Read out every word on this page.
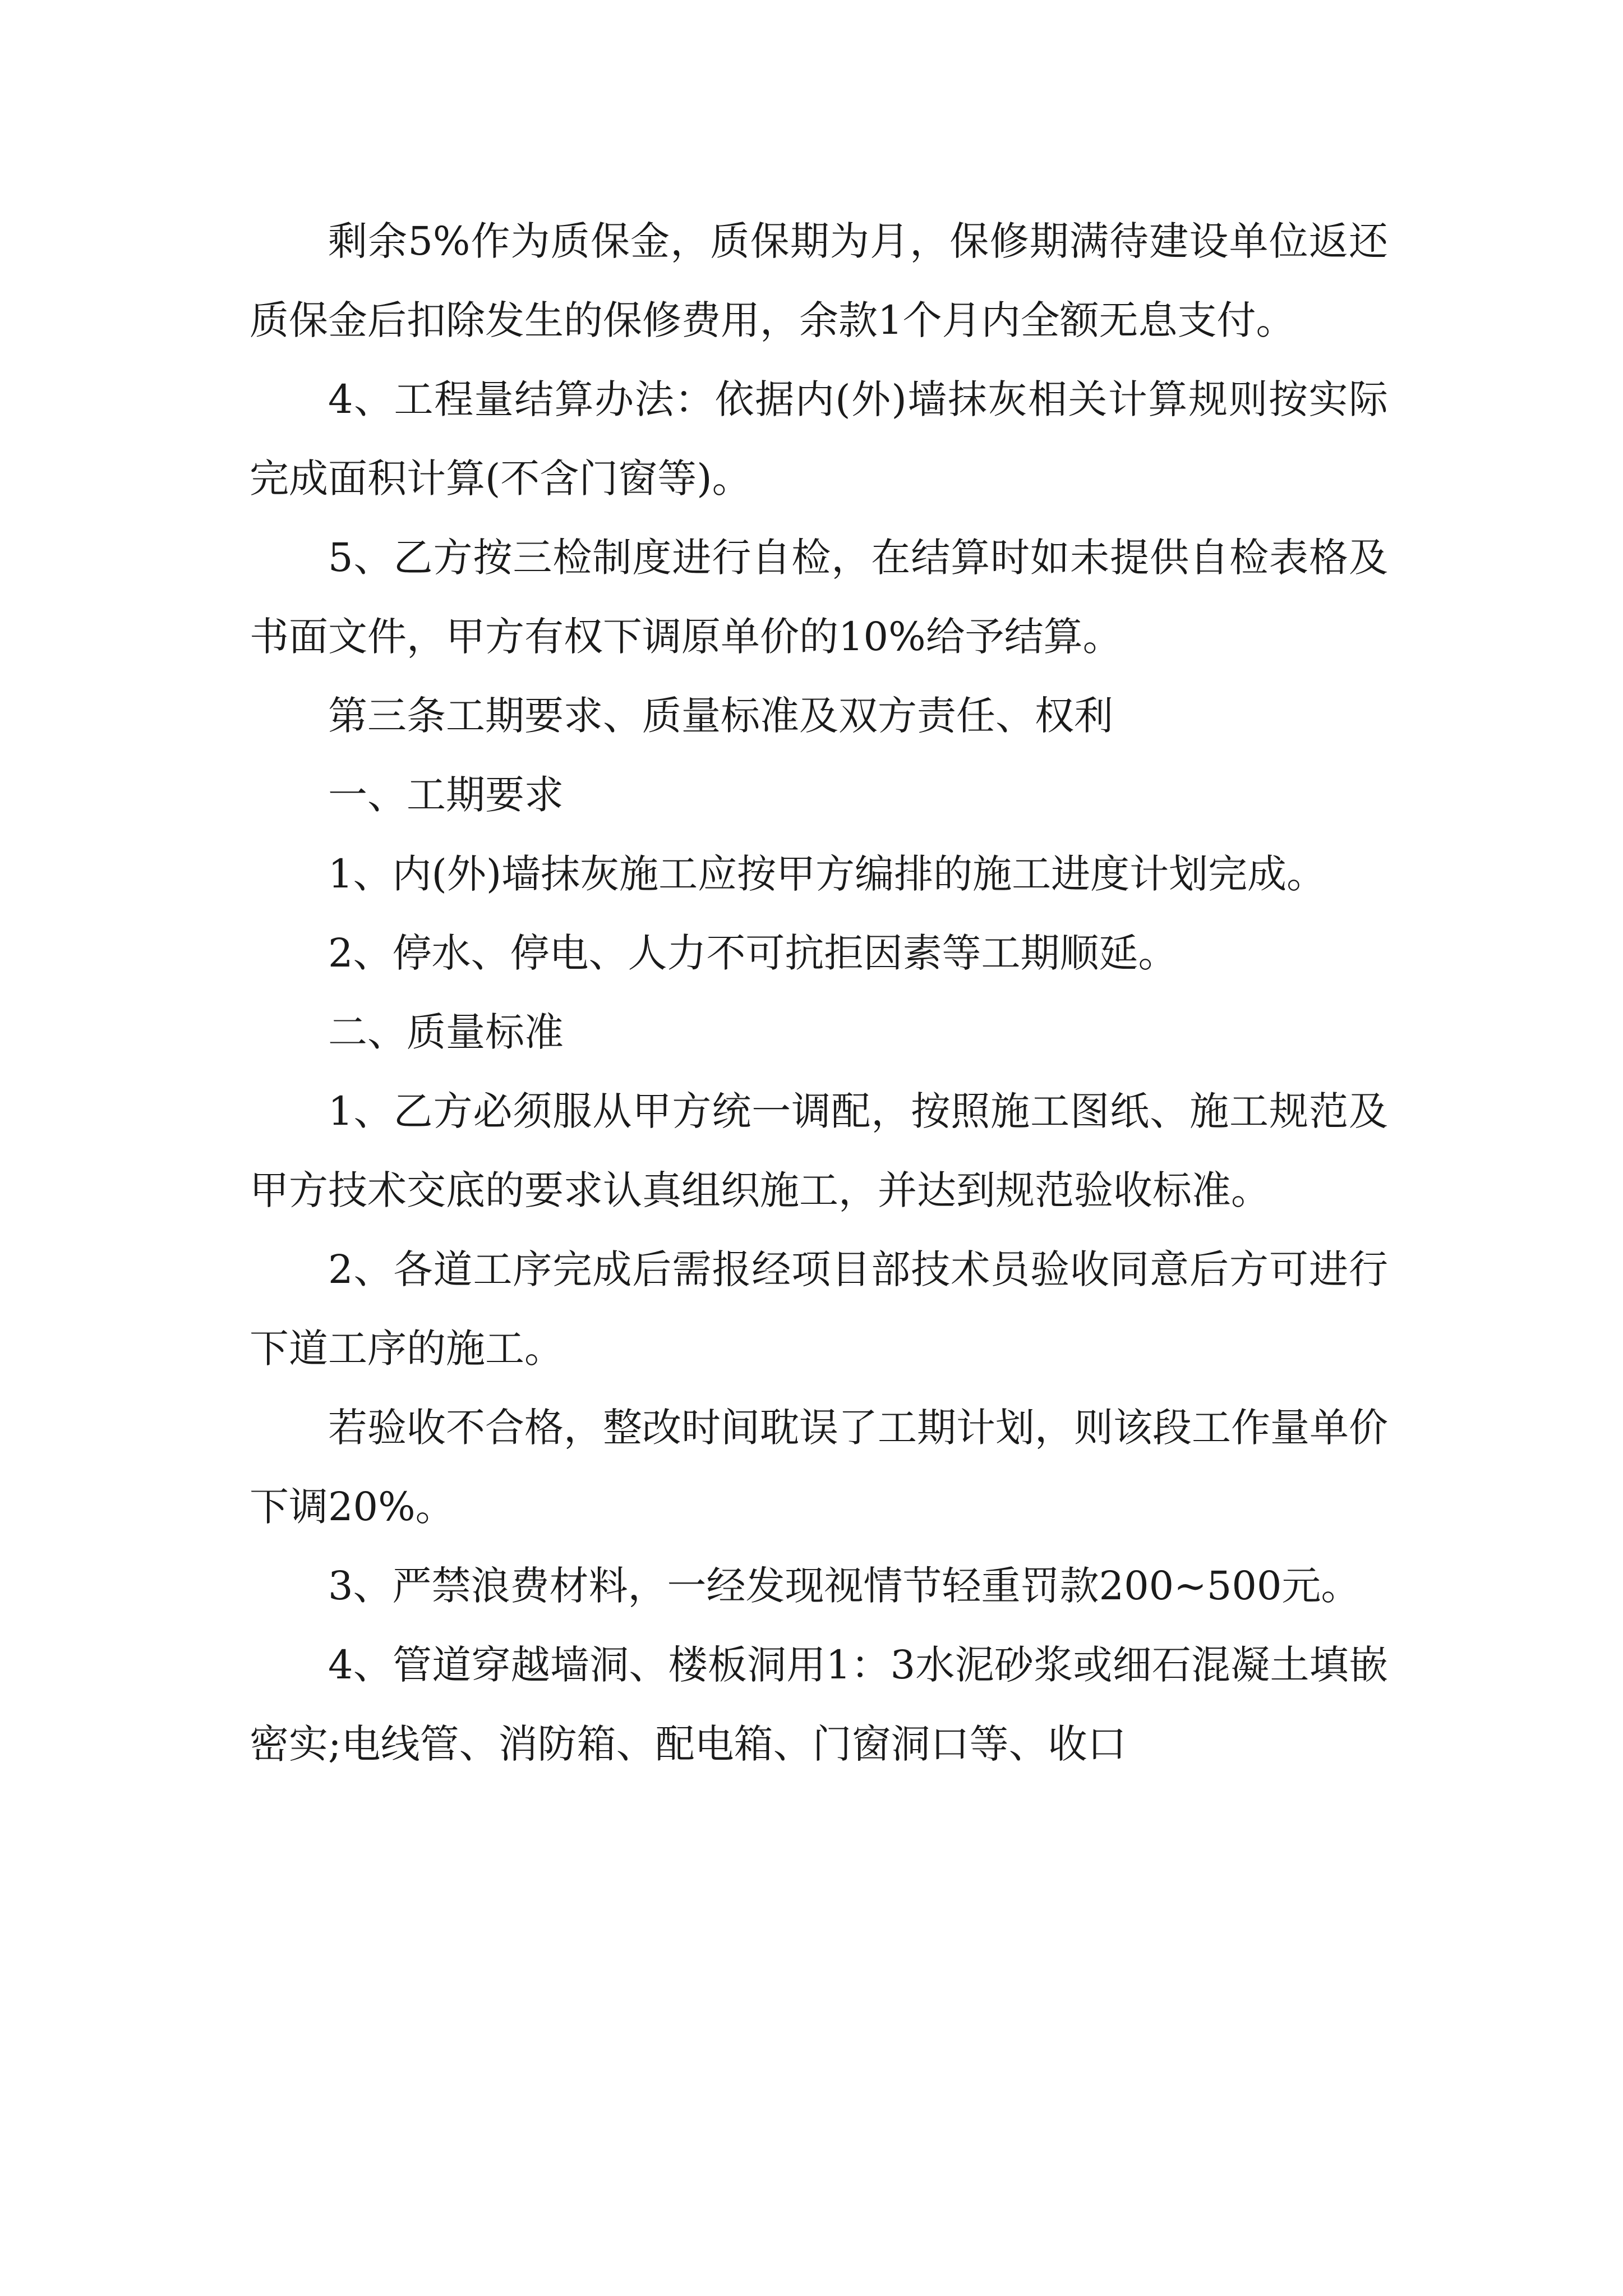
剩余5%作为质保金，质保期为月，保修期满待建设单位返还质保金后扣除发生的保修费用，余款1个月内全额无息支付。

4、工程量结算办法：依据内(外)墙抹灰相关计算规则按实际完成面积计算(不含门窗等)。

5、乙方按三检制度进行自检，在结算时如未提供自检表格及书面文件，甲方有权下调原单价的10%给予结算。

第三条工期要求、质量标准及双方责任、权利

一、工期要求

1、内(外)墙抹灰施工应按甲方编排的施工进度计划完成。

2、停水、停电、人力不可抗拒因素等工期顺延。

二、质量标准

1、乙方必须服从甲方统一调配，按照施工图纸、施工规范及甲方技术交底的要求认真组织施工，并达到规范验收标准。

2、各道工序完成后需报经项目部技术员验收同意后方可进行下道工序的施工。

若验收不合格，整改时间耽误了工期计划，则该段工作量单价下调20%。

3、严禁浪费材料，一经发现视情节轻重罚款200~500元。

4、管道穿越墙洞、楼板洞用1：3水泥砂浆或细石混凝土填嵌密实;电线管、消防箱、配电箱、门窗洞口等、收口
